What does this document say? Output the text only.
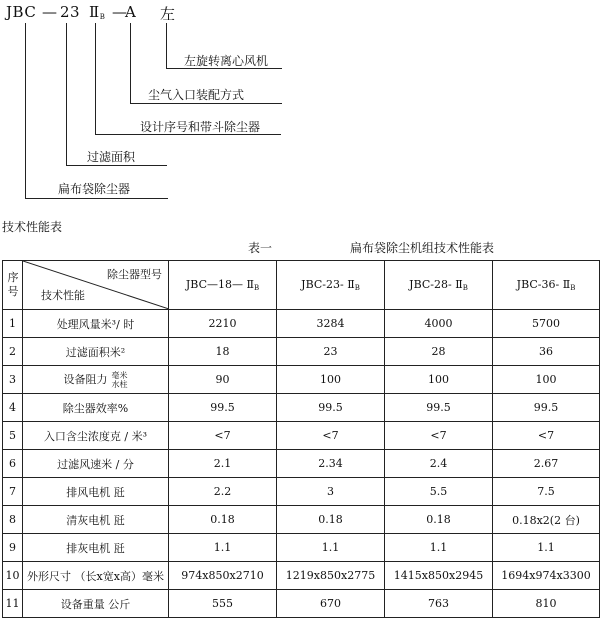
JBC — 23 $Ⅱ_B$ —
A 左
左旋转离心风机
尘气入口装配方式
设计序号和带斗除尘器
过滤面积
扁布袋除尘器
技术性能表
表一	扁布袋除尘机组技术性能表
序号	除尘器型号
技术性能	JBC—18— $Ⅱ_B$	JBC-23- $Ⅱ_B$	JBC-28- $Ⅱ_B$	JBC-36- $Ⅱ_B$
1	处理风量米³/ 时	2210	3284	4000	5700
2	过滤面积米²	18	23	28	36
3	设备阻力 毫米
水柱	90	100	100	100
4	除尘器效率%	99.5	99.5	99.5	99.5
5	入口含尘浓度克 / 米³	<7	<7	<7	<7
6	过滤风速米 / 分	2.1	2.34	2.4	2.67
7	排风电机 瓩	2.2	3	5.5	7.5
8	清灰电机 瓩	0.18	0.18	0.18	0.18x2(2 台)
9	排灰电机 瓩	1.1	1.1	1.1	1.1
10	外形尺寸 （长x宽x高）毫米	974x850x2710	1219x850x2775	1415x850x2945	1694x974x3300
11	设备重量 公斤	555	670	763	810
